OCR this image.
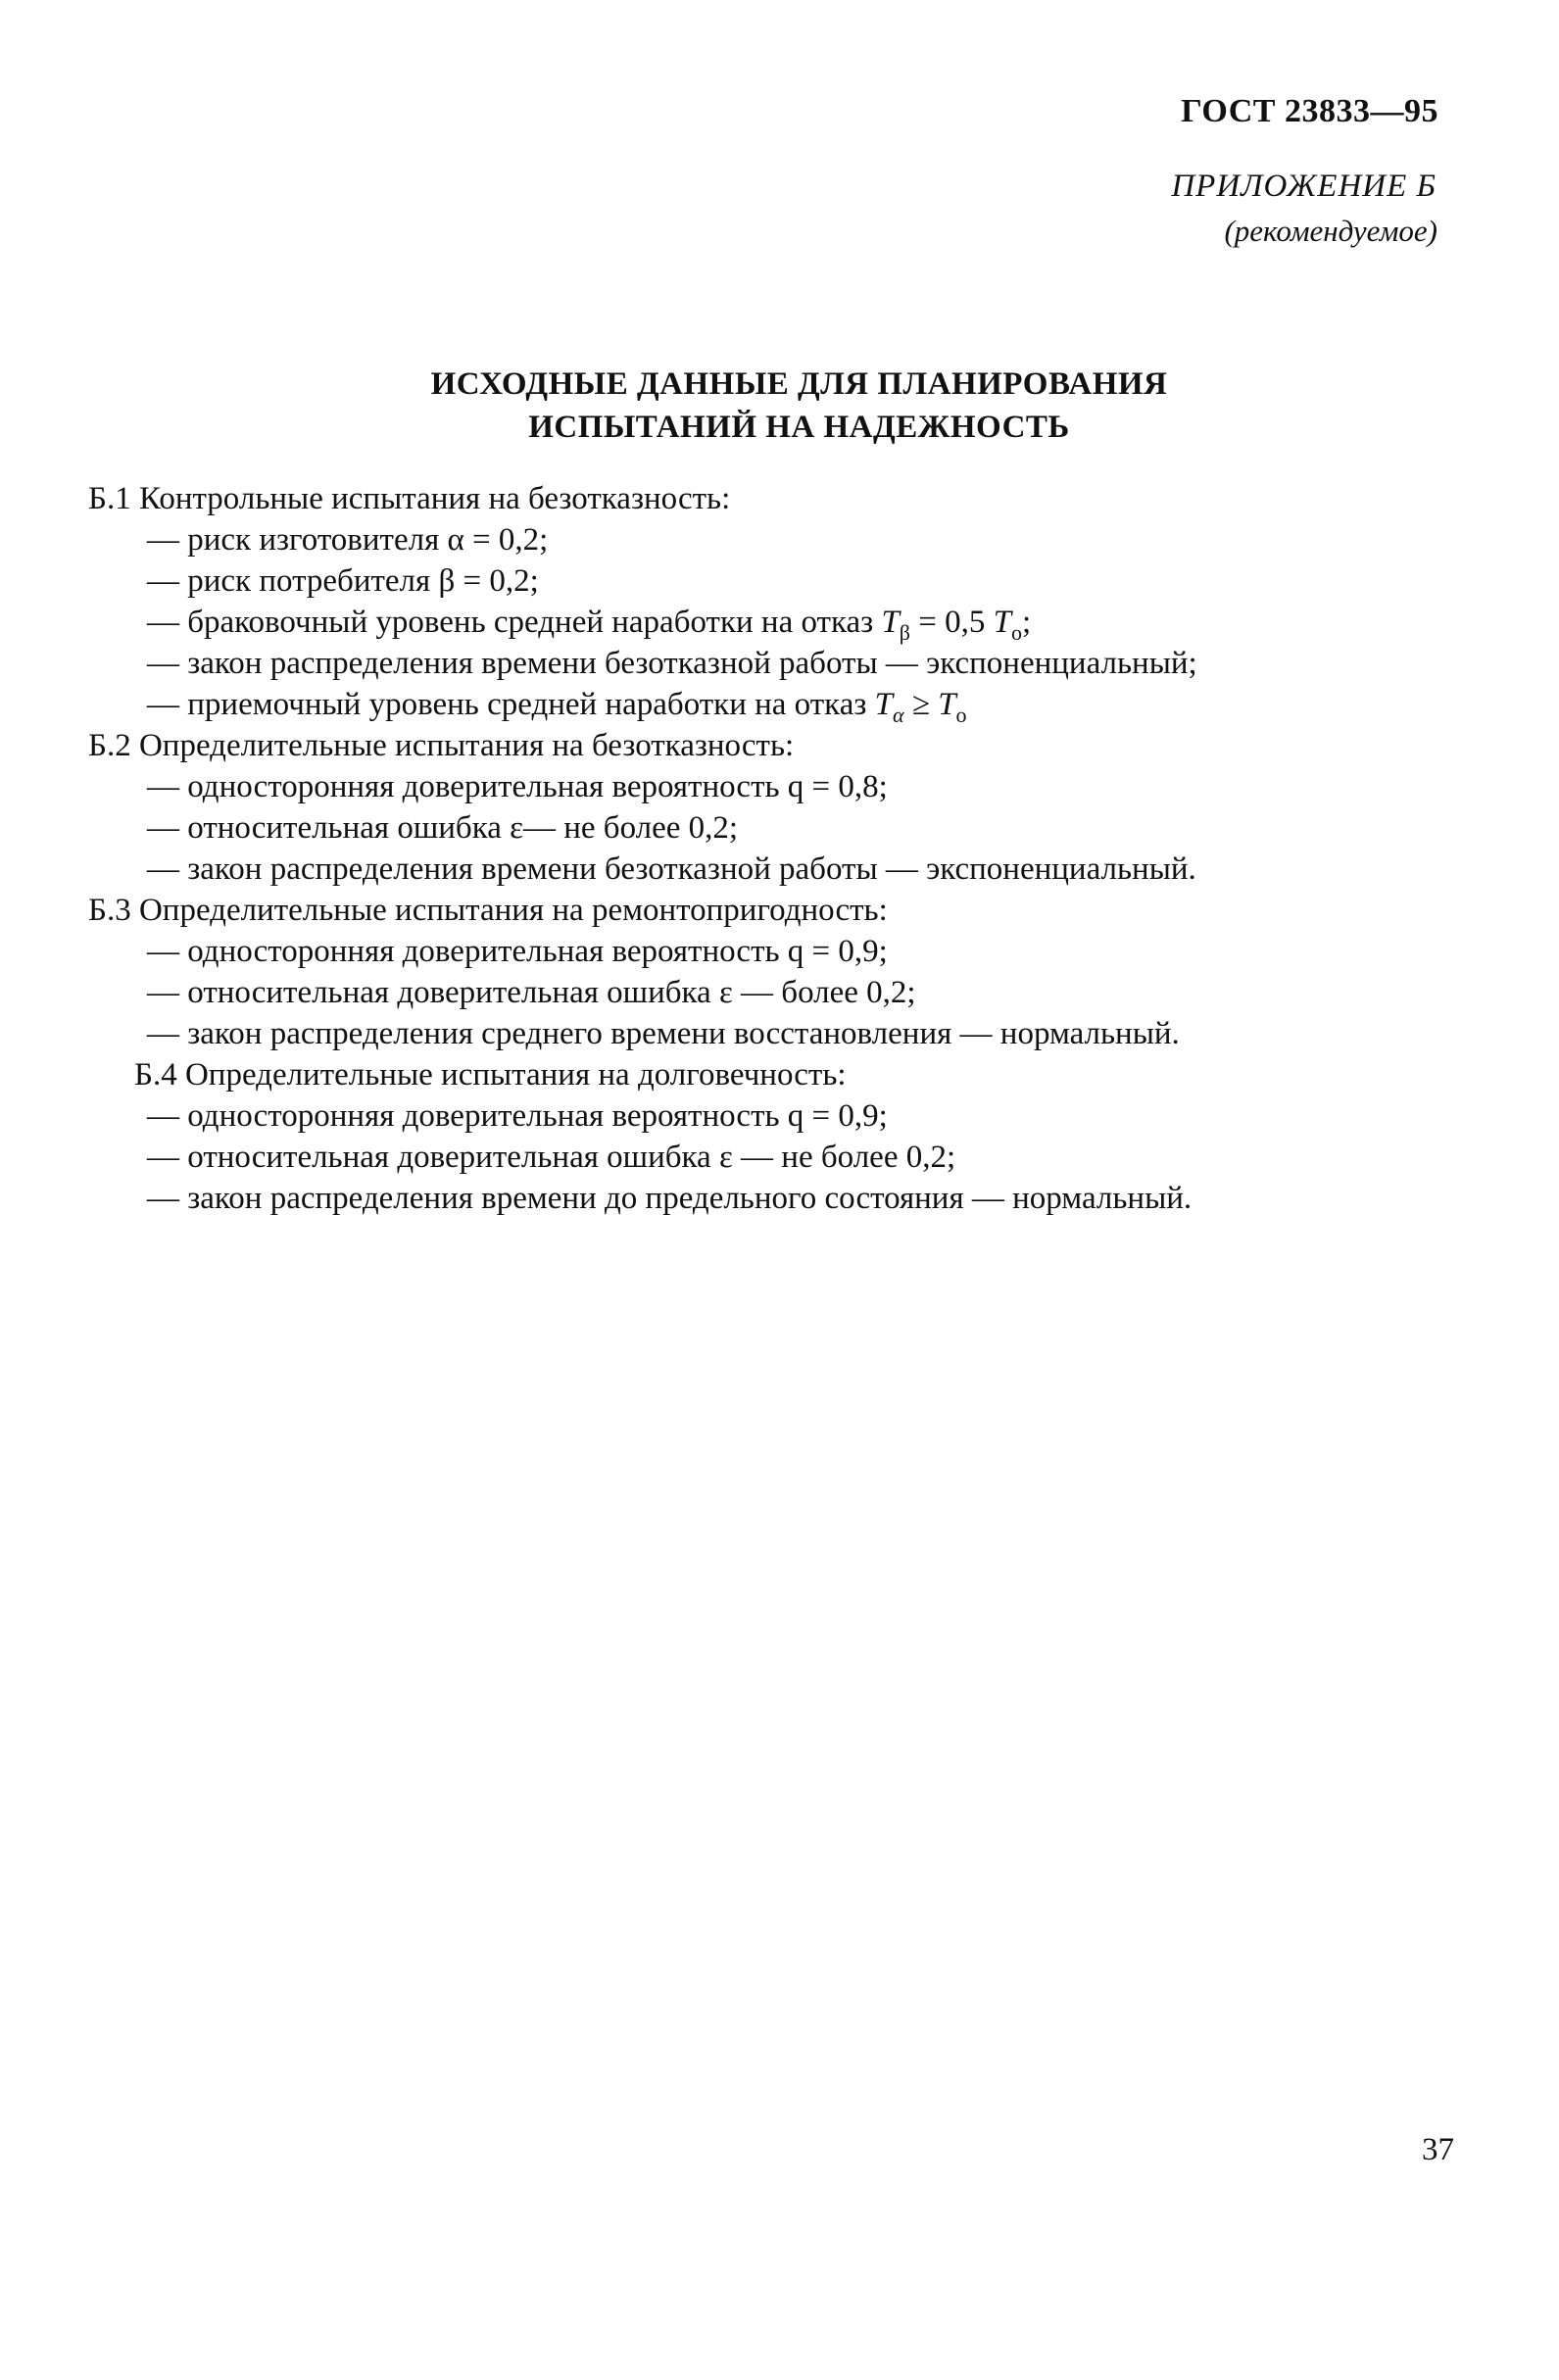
ГОСТ 23833—95
ПРИЛОЖЕНИЕ Б
(рекомендуемое)
ИСХОДНЫЕ ДАННЫЕ ДЛЯ ПЛАНИРОВАНИЯ
ИСПЫТАНИЙ НА НАДЕЖНОСТЬ
Б.1 Контрольные испытания на безотказность:
— риск изготовителя α = 0,2;
— риск потребителя β = 0,2;
— браковочный уровень средней наработки на отказ $T_\beta = 0,5$ $T_o$;
— закон распределения времени безотказной работы — экспоненциальный;
— приемочный уровень средней наработки на отказ $T_\alpha \ge T_o$
Б.2 Определительные испытания на безотказность:
— односторонняя доверительная вероятность q = 0,8;
— относительная ошибка ε— не более 0,2;
— закон распределения времени безотказной работы — экспоненциальный.
Б.3 Определительные испытания на ремонтопригодность:
— односторонняя доверительная вероятность q = 0,9;
— относительная доверительная ошибка ε — более 0,2;
— закон распределения среднего времени восстановления — нормальный.
Б.4 Определительные испытания на долговечность:
— односторонняя доверительная вероятность q = 0,9;
— относительная доверительная ошибка ε — не более 0,2;
— закон распределения времени до предельного состояния — нормальный.
37
